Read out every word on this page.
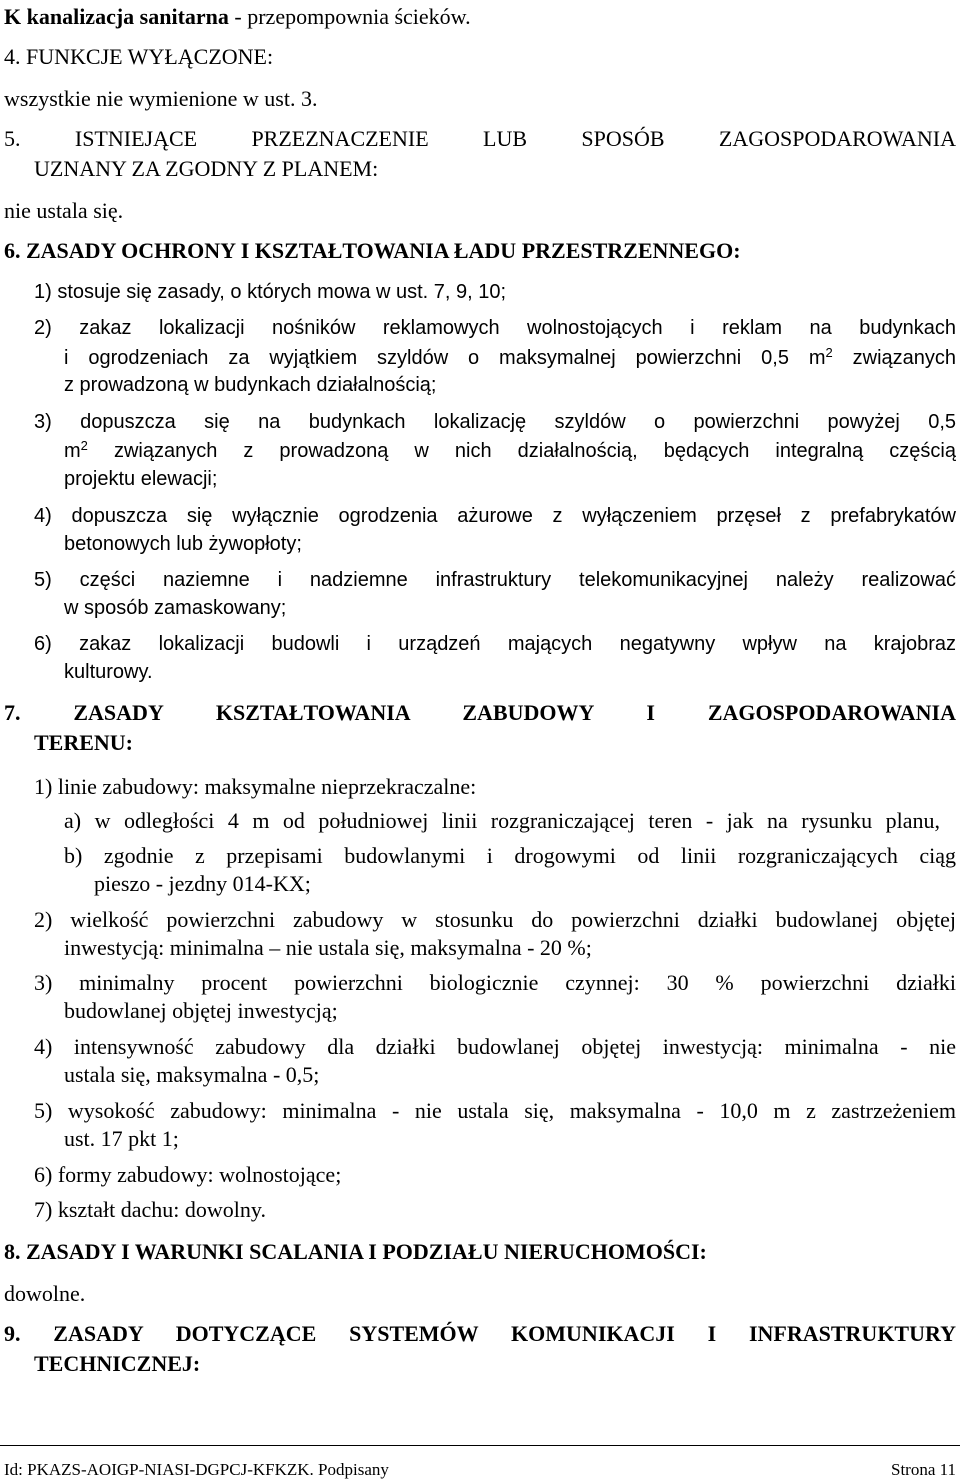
K kanalizacja sanitarna - przepompownia ścieków.
4. FUNKCJE WYŁĄCZONE:
wszystkie nie wymienione w ust. 3.
5. ISTNIEJĄCE PRZEZNACZENIE LUB SPOSÓB ZAGOSPODAROWANIA
UZNANY ZA ZGODNY Z PLANEM:
nie ustala się.
6. ZASADY OCHRONY I KSZTAŁTOWANIA ŁADU PRZESTRZENNEGO:
1) stosuje się zasady, o których mowa w ust. 7, 9, 10;
2) zakaz lokalizacji nośników reklamowych wolnostojących i reklam na budynkach
i ogrodzeniach za wyjątkiem szyldów o maksymalnej powierzchni 0,5 $m^2$ związanych
z prowadzoną w budynkach działalnością;
3) dopuszcza się na budynkach lokalizację szyldów o powierzchni powyżej 0,5
$m^2$ związanych z prowadzoną w nich działalnością, będących integralną częścią
projektu elewacji;
4) dopuszcza się wyłącznie ogrodzenia ażurowe z wyłączeniem przęseł z prefabrykatów
betonowych lub żywopłoty;
5) części naziemne i nadziemne infrastruktury telekomunikacyjnej należy realizować
w sposób zamaskowany;
6) zakaz lokalizacji budowli i urządzeń mających negatywny wpływ na krajobraz
kulturowy.
7. ZASADY KSZTAŁTOWANIA ZABUDOWY I ZAGOSPODAROWANIA
TERENU:
1) linie zabudowy: maksymalne nieprzekraczalne:
a) w odległości 4 m od południowej linii rozgraniczającej teren - jak na rysunku planu,
b) zgodnie z przepisami budowlanymi i drogowymi od linii rozgraniczających ciąg
pieszo - jezdny 014-KX;
2) wielkość powierzchni zabudowy w stosunku do powierzchni działki budowlanej objętej
inwestycją: minimalna – nie ustala się, maksymalna - 20 %;
3) minimalny procent powierzchni biologicznie czynnej: 30 % powierzchni działki
budowlanej objętej inwestycją;
4) intensywność zabudowy dla działki budowlanej objętej inwestycją: minimalna - nie
ustala się, maksymalna - 0,5;
5) wysokość zabudowy: minimalna - nie ustala się, maksymalna - 10,0 m z zastrzeżeniem
ust. 17 pkt 1;
6) formy zabudowy: wolnostojące;
7) kształt dachu: dowolny.
8. ZASADY I WARUNKI SCALANIA I PODZIAŁU NIERUCHOMOŚCI:
dowolne.
9. ZASADY DOTYCZĄCE SYSTEMÓW KOMUNIKACJI I INFRASTRUKTURY
TECHNICZNEJ:
Id: PKAZS-AOIGP-NIASI-DGPCJ-KFKZK. Podpisany	Strona 11
